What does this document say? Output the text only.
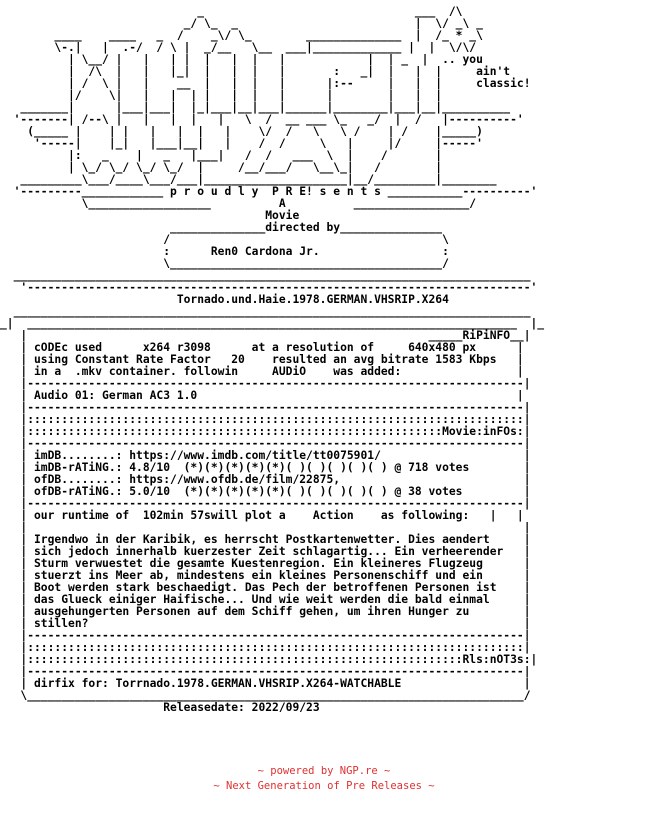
_                               ___  /\
_/ \_  _                          |  \/ _\ _
____    ____   _  /    _\/ \_        ______________  |  /_ * _\
\-.|   |  .-/  / \ |  _/__   \__  ___|_____________ |  |  \/\/
| \__/ |   |   | |  |   |  |   |            |  | _  |  .. you
|  /\  |   |   |_|  |   |  |   |       :   _|  |   |  |     ain't
| /  \ |   |    __  |   |  |   |      |:--     |   |  |     classic!
|/    \|   |   |  | |   |  |   |      |        |   |  |
_______|      |___|___|  |_|___|__|___|______|________|___|__|__________
'-------| /--\ |   |   |  |   |   \  /  __ ___ \_   _/  |  /   |----------'
(_____ |    | |   |   |  |   |    \/  /   \   \ /    | /    |_____)
'-----|    |_|   |___|__|   |    /  /     \   |     |/     |-----'
|:   _    |   _   |___|   /  /   ___  \  |    /       |
| \_/ \_/ \_/ \_/  |     /__/___/   \__\_|   /        |
_________\___/____\___/___|_____________________|__/_________|________
'---------____________ p r o u d l y  P R E! s e n t s ___________----------'
\__________________          A          _________________/
Movie
______________directed by_______________
/                                        \
:      Ren0 Cardona Jr.                  :
\________________________________________/
____________________________________________________________________________
'--------------------------------------------------------------------------'
Tornado.und.Haie.1978.GERMAN.VHSRIP.X264
____________________________________________________________________________
_|  ________________________________________________________________________  |_
|                                                           _____RiPiNFO__|
| cODEc used      x264 r3098      at a resolution of     640x480 px      |
| using Constant Rate Factor   20    resulted an avg bitrate 1583 Kbps   |
| in a  .mkv container. followin     AUDiO    was added:                 |
|-------------------------------------------------------------------------|
| Audio 01: German AC3 1.0                                               |
|-------------------------------------------------------------------------|
|:::::::::::::::::::::::::::::::::::::::::::::::::::::::::::::::::::::::::|
|:::::::::::::::::::::::::::::::::::::::::::::::::::::::::::::Movie:inFOs:|
|-------------------------------------------------------------------------|
| imDB........: https://www.imdb.com/title/tt0075901/                     |
| imDB-rATiNG.: 4.8/10  (*)(*)(*)(*)(*)( )( )( )( )( ) @ 718 votes        |
| ofDB........: https://www.ofdb.de/film/22875,                           |
| ofDB-rATiNG.: 5.0/10  (*)(*)(*)(*)(*)( )( )( )( )( ) @ 38 votes         |
|-------------------------------------------------------------------------|
| our runtime of  102min 57swill plot a    Action    as following:   |   |
|                                                                         |
| Irgendwo in der Karibik, es herrscht Postkartenwetter. Dies aendert     |
| sich jedoch innerhalb kuerzester Zeit schlagartig... Ein verheerender   |
| Sturm verwuestet die gesamte Kuestenregion. Ein kleineres Flugzeug      |
| stuerzt ins Meer ab, mindestens ein kleines Personenschiff und ein      |
| Boot werden stark beschaedigt. Das Pech der betroffenen Personen ist    |
| das Glueck einiger Haifische... Und wie weit werden die bald einmal     |
| ausgehungerten Personen auf dem Schiff gehen, um ihren Hunger zu        |
| stillen?                                                                |
|-------------------------------------------------------------------------|
|:::::::::::::::::::::::::::::::::::::::::::::::::::::::::::::::::::::::::|
|::::::::::::::::::::::::::::::::::::::::::::::::::::::::::::::::Rls:nOT3s:|
|-------------------------------------------------------------------------|
| dirfix for: Torrnado.1978.GERMAN.VHSRIP.X264-WATCHABLE                  |
\_________________________________________________________________________/
Releasedate: 2022/09/23
~ powered by NGP.re ~
~ Next Generation of Pre Releases ~
